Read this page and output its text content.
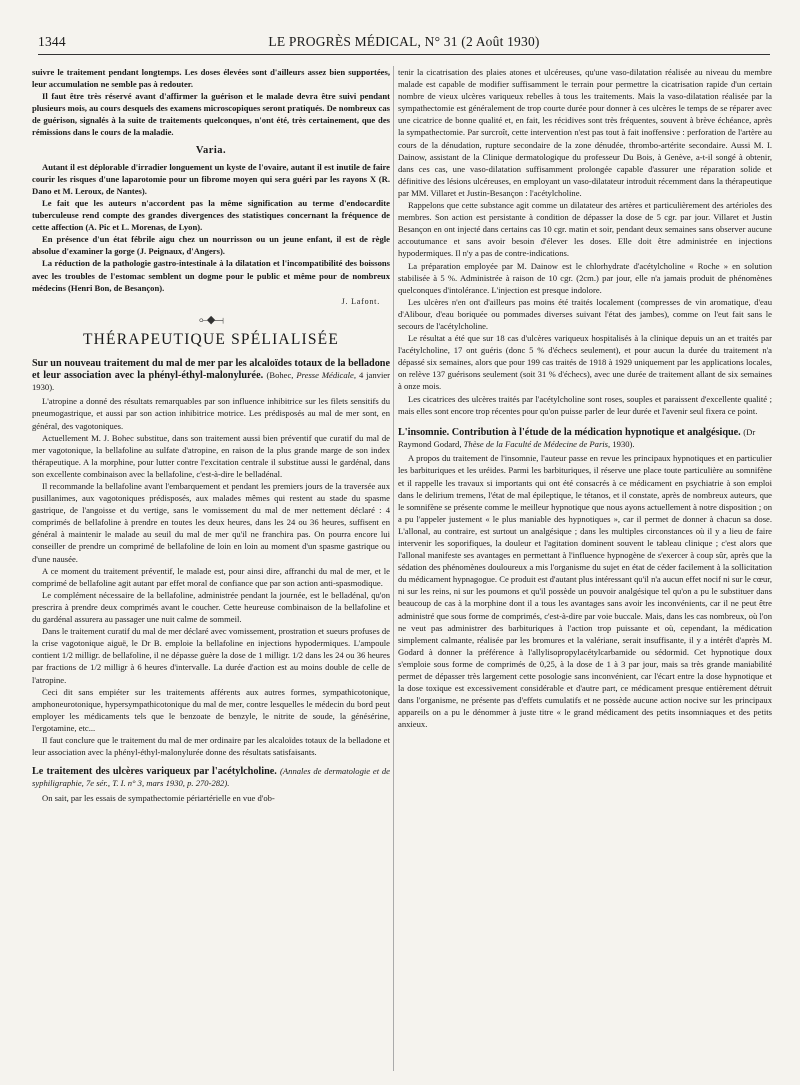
1344	LE PROGRÈS MÉDICAL, N° 31 (2 Août 1930)

suivre le traitement pendant longtemps. Les doses élevées sont d'ailleurs assez bien supportées, leur accumulation ne semble pas à redouter.

Il faut être très réservé avant d'affirmer la guérison et le malade devra être suivi pendant plusieurs mois, au cours desquels des examens microscopiques seront pratiqués. De nombreux cas de guérison, signalés à la suite de traitements quelconques, n'ont été, très certainement, que des rémissions dans le cours de la maladie.

Varia.

Autant il est déplorable d'irradier longuement un kyste de l'ovaire, autant il est inutile de faire courir les risques d'une laparotomie pour un fibrome moyen qui sera guéri par les rayons X (R. Dano et M. Leroux, de Nantes).

Le fait que les auteurs n'accordent pas la même signification au terme d'endocardite tuberculeuse rend compte des grandes divergences des statistiques concernant la fréquence de cette affection (A. Pic et L. Morenas, de Lyon).

En présence d'un état fébrile aigu chez un nourrisson ou un jeune enfant, il est de règle absolue d'examiner la gorge (J. Peignaux, d'Angers).

La réduction de la pathologie gastro-intestinale à la dilatation et l'incompatibilité des boissons avec les troubles de l'estomac semblent un dogme pour le public et même pour de nombreux médecins (Henri Bon, de Besançon).

J. Lafont.
⟜◆⟞
THÉRAPEUTIQUE SPÉLIALISÉE
Sur un nouveau traitement du mal de mer par les alcaloïdes totaux de la belladone et leur association avec la phényl-éthyl-malonylurée. (Bohec, Presse Médicale, 4 janvier 1930).

L'atropine a donné des résultats remarquables par son influence inhibitrice sur les filets sensitifs du pneumogastrique, et aussi par son action inhibitrice motrice. Les prédisposés au mal de mer sont, en général, des vagotoniques.

Actuellement M. J. Bohec substitue, dans son traitement aussi bien préventif que curatif du mal de mer vagotonique, la bellafoline au sulfate d'atropine, en raison de la plus grande marge de son index thérapeutique. A la morphine, pour lutter contre l'excitation centrale il substitue aussi le gardénal, dans son excellente combinaison avec la bellafoline, c'est-à-dire le belladénal.

Il recommande la bellafoline avant l'embarquement et pendant les premiers jours de la traversée aux pusillanimes, aux vagotoniques prédisposés, aux malades mêmes qui restent au stade du spasme gastrique, de l'angoisse et du vertige, sans le vomissement du mal de mer nettement déclaré : 4 comprimés de bellafoline à prendre en toutes les deux heures, dans les 24 ou 36 heures, suffisent en général à maintenir le malade au seuil du mal de mer qu'il ne franchira pas. On pourra encore lui conseiller de prendre un comprimé de bellafoline de loin en loin au moment d'un spasme gastrique ou d'une nausée.

A ce moment du traitement préventif, le malade est, pour ainsi dire, affranchi du mal de mer, et le comprimé de bellafoline agit autant par effet moral de confiance que par son action anti-spasmodique.

Le complément nécessaire de la bellafoline, administrée pendant la journée, est le belladénal, qu'on prescrira à prendre deux comprimés avant le coucher. Cette heureuse combinaison de la bellafoline et du gardénal assurera au passager une nuit calme de sommeil.

Dans le traitement curatif du mal de mer déclaré avec vomissement, prostration et sueurs profuses de la crise vagotonique aiguë, le Dr B. emploie la bellafoline en injections hypodermiques. L'ampoule contient 1/2 milligr. de bellafoline, il ne dépasse guère la dose de 1 milligr. 1/2 dans les 24 ou 36 heures par fractions de 1/2 milligr à 6 heures d'intervalle. La durée d'action est au moins double de celle de l'atropine.

Ceci dit sans empiéter sur les traitements afférents aux autres formes, sympathicotonique, amphoneurotonique, hypersympathicotonique du mal de mer, contre lesquelles le médecin du bord peut employer les médicaments tels que le benzoate de benzyle, le nitrite de soude, la génésérine, l'ergotamine, etc...

Il faut conclure que le traitement du mal de mer ordinaire par les alcaloïdes totaux de la belladone et leur association avec la phényl-éthyl-malonylurée donne des résultats satisfaisants.

Le traitement des ulcères variqueux par l'acétylcholine. (Annales de dermatologie et de syphiligraphie, 7e sér., T. I. n° 3, mars 1930, p. 270-282).

On sait, par les essais de sympathectomie périartérielle en vue d'ob-

tenir la cicatrisation des plaies atones et ulcéreuses, qu'une vaso-dilatation réalisée au niveau du membre malade est capable de modifier suffisamment le terrain pour permettre la cicatrisation rapide d'un certain nombre de vieux ulcères variqueux rebelles à tous les traitements. Mais la vaso-dilatation réalisée par la sympathectomie est généralement de trop courte durée pour donner à ces ulcères le temps de se réparer avec une cicatrice de bonne qualité et, en fait, les récidives sont très fréquentes, souvent à brève échéance, après la sympathectomie. Par surcroît, cette intervention n'est pas tout à fait inoffensive : perforation de l'artère au cours de la dénudation, rupture secondaire de la zone dénudée, thrombo-artérite secondaire. Aussi M. I. Dainow, assistant de la Clinique dermatologique du professeur Du Bois, à Genève, a-t-il songé à obtenir, dans ces cas, une vaso-dilatation suffisamment prolongée capable d'assurer une réparation solide et définitive des lésions ulcéreuses, en employant un vaso-dilatateur introduit récemment dans la thérapeutique par MM. Villaret et Justin-Besançon : l'acétylcholine.

Rappelons que cette substance agit comme un dilatateur des artères et particulièrement des artérioles des membres. Son action est persistante à condition de dépasser la dose de 5 cgr. par jour. Villaret et Justin Besançon en ont injecté dans certains cas 10 cgr. matin et soir, pendant deux semaines sans observer aucune accoutumance et sans avoir besoin d'élever les doses. Elle doit être administrée en injections hypodermiques. Il n'y a pas de contre-indications.

La préparation employée par M. Dainow est le chlorhydrate d'acétylcholine « Roche » en solution stabilisée à 5 %. Administrée à raison de 10 cgr. (2cm.) par jour, elle n'a jamais produit de phénomènes quelconques d'intolérance. L'injection est presque indolore.

Les ulcères n'en ont d'ailleurs pas moins été traités localement (compresses de vin aromatique, d'eau d'Alibour, d'eau boriquée ou pommades diverses suivant l'état des jambes), comme on l'eut fait sans le secours de l'acétylcholine.

Le résultat a été que sur 18 cas d'ulcères variqueux hospitalisés à la clinique depuis un an et traités par l'acétylcholine, 17 ont guéris (donc 5 % d'échecs seulement), et pour aucun la durée du traitement n'a dépassé six semaines, alors que pour 199 cas traités de 1918 à 1929 uniquement par les applications locales, on relève 137 guérisons seulement (soit 31 % d'échecs), avec une durée de traitement allant de six semaines à onze mois.

Les cicatrices des ulcères traités par l'acétylcholine sont roses, souples et paraissent d'excellente qualité ; mais elles sont encore trop récentes pour qu'on puisse parler de leur durée et l'avenir seul fixera ce point.

L'insomnie. Contribution à l'étude de la médication hypnotique et analgésique. (Dr Raymond Godard, Thèse de la Faculté de Médecine de Paris, 1930).

A propos du traitement de l'insomnie, l'auteur passe en revue les principaux hypnotiques et en particulier les barbituriques et les uréides. Parmi les barbituriques, il réserve une place toute particulière au somnifène et il rappelle les travaux si importants qui ont été consacrés à ce médicament en psychiatrie à son emploi dans le delirium tremens, l'état de mal épileptique, le tétanos, et il constate, après de nombreux auteurs, que le somnifène se présente comme le meilleur hypnotique que nous ayons actuellement à notre disposition ; on a pu l'appeler justement « le plus maniable des hypnotiques », car il permet de donner à chacun sa dose. L'allonal, au contraire, est surtout un analgésique ; dans les multiples circonstances où il y a lieu de faire intervenir les soporifiques, la douleur et l'agitation dominent souvent le tableau clinique ; c'est alors que l'allonal manifeste ses avantages en permettant à l'influence hypnogène de s'exercer à coup sûr, après que la sédation des phénomènes douloureux a mis l'organisme du sujet en état de céder facilement à la sollicitation du médicament hypnagogue. Ce produit est d'autant plus intéressant qu'il n'a aucun effet nocif ni sur le cœur, ni sur les reins, ni sur les poumons et qu'il possède un pouvoir analgésique tel qu'on a pu le substituer dans beaucoup de cas à la morphine dont il a tous les avantages sans avoir les inconvénients, car il ne peut être administré que sous forme de comprimés, c'est-à-dire par voie buccale. Mais, dans les cas nombreux, où l'on ne veut pas administrer des barbituriques à l'action trop puissante et où, cependant, la médication simplement calmante, réalisée par les bromures et la valériane, serait insuffisante, il y a intérêt d'après M. Godard à donner la préférence à l'allylisopropylacétylcarbamide ou sédormid. Cet hypnotique doux s'emploie sous forme de comprimés de 0,25, à la dose de 1 à 3 par jour, mais sa très grande maniabilité permet de dépasser très largement cette posologie sans inconvénient, car l'écart entre la dose hypnotique et la dose toxique est excessivement considérable et d'autre part, ce médicament presque entièrement détruit dans l'organisme, ne présente pas d'effets cumulatifs et ne possède aucune action nocive sur les principaux appareils on a pu le dénommer à juste titre « le grand médicament des petits insomniaques et des petits anxieux.
